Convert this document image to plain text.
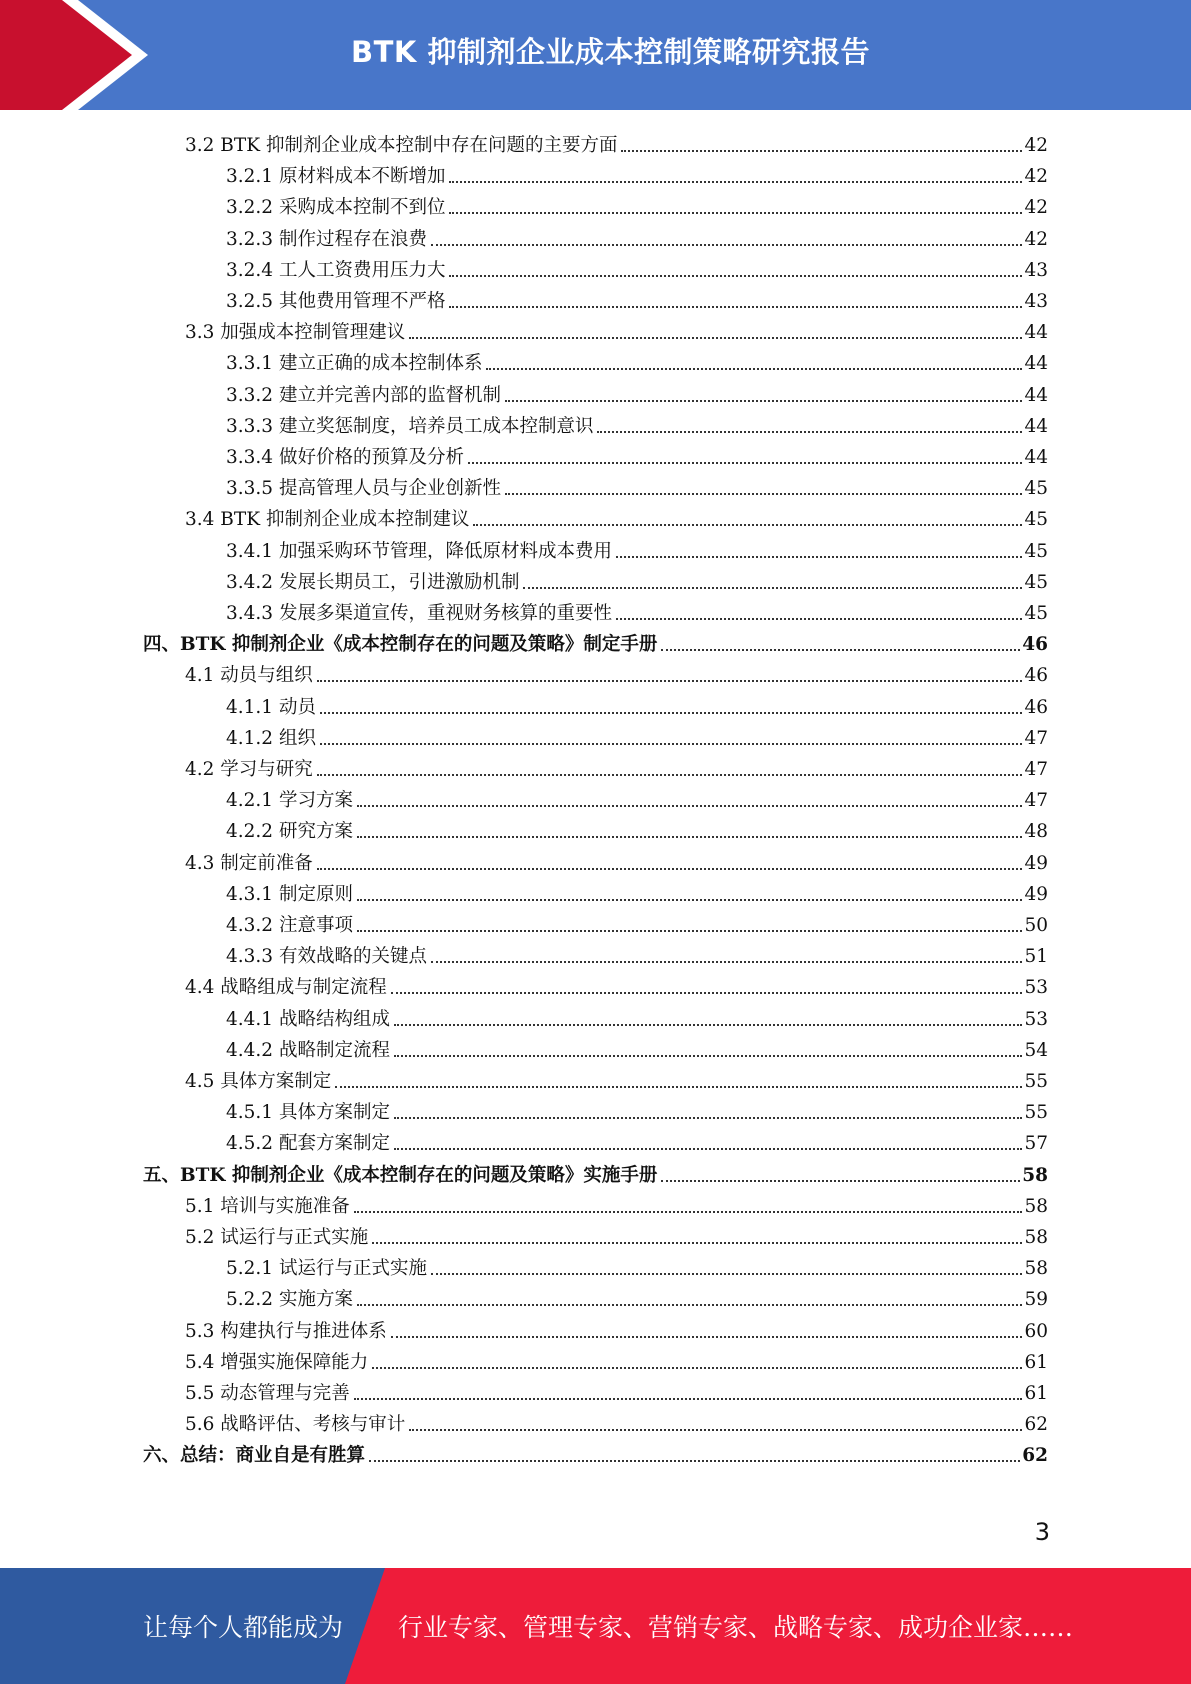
BTK 抑制剂企业成本控制策略研究报告
3.2 BTK 抑制剂企业成本控制中存在问题的主要方面	42
3.2.1 原材料成本不断增加	42
3.2.2 采购成本控制不到位	42
3.2.3 制作过程存在浪费	42
3.2.4 工人工资费用压力大	43
3.2.5 其他费用管理不严格	43
3.3 加强成本控制管理建议	44
3.3.1 建立正确的成本控制体系	44
3.3.2 建立并完善内部的监督机制	44
3.3.3 建立奖惩制度，培养员工成本控制意识	44
3.3.4 做好价格的预算及分析	44
3.3.5 提高管理人员与企业创新性	45
3.4 BTK 抑制剂企业成本控制建议	45
3.4.1 加强采购环节管理，降低原材料成本费用	45
3.4.2 发展长期员工，引进激励机制	45
3.4.3 发展多渠道宣传，重视财务核算的重要性	45
四、BTK 抑制剂企业《成本控制存在的问题及策略》制定手册	46
4.1 动员与组织	46
4.1.1 动员	46
4.1.2 组织	47
4.2 学习与研究	47
4.2.1 学习方案	47
4.2.2 研究方案	48
4.3 制定前准备	49
4.3.1 制定原则	49
4.3.2 注意事项	50
4.3.3 有效战略的关键点	51
4.4 战略组成与制定流程	53
4.4.1 战略结构组成	53
4.4.2 战略制定流程	54
4.5 具体方案制定	55
4.5.1 具体方案制定	55
4.5.2 配套方案制定	57
五、BTK 抑制剂企业《成本控制存在的问题及策略》实施手册	58
5.1 培训与实施准备	58
5.2 试运行与正式实施	58
5.2.1 试运行与正式实施	58
5.2.2 实施方案	59
5.3 构建执行与推进体系	60
5.4 增强实施保障能力	61
5.5 动态管理与完善	61
5.6 战略评估、考核与审计	62
六、总结：商业自是有胜算	62
3
让每个人都能成为 行业专家、管理专家、营销专家、战略专家、成功企业家……
